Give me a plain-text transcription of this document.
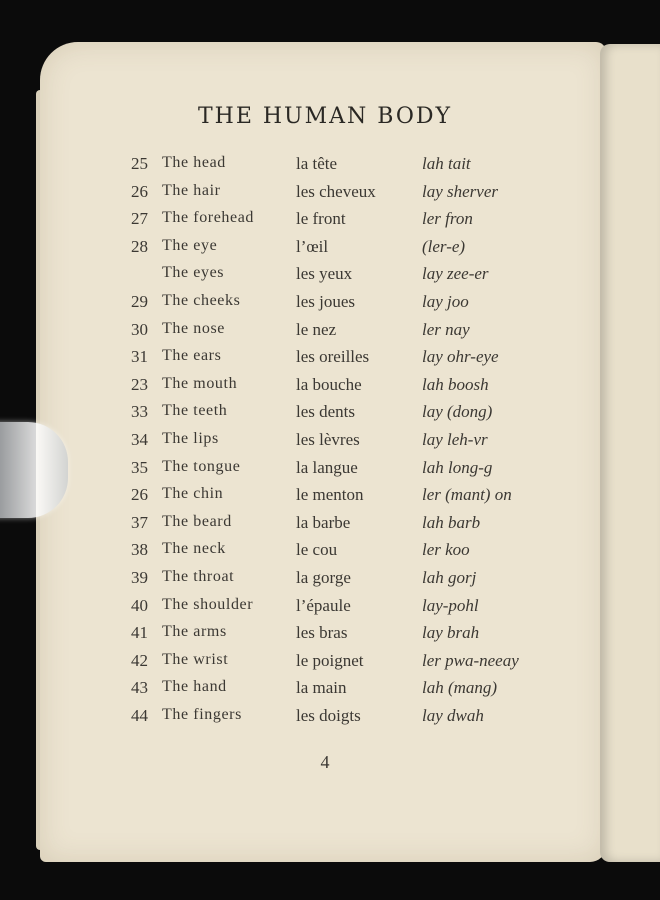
THE HUMAN BODY
25 The head	la tête	lah tait
26 The hair	les cheveux	lay sherver
27 The forehead le front	ler fron
28 The eye	l’œil	(ler-e)
The eyes	les yeux	lay zee-er
29 The cheeks	les joues	lay joo
30 The nose	le nez	ler nay
31 The ears	les oreilles	lay ohr-eye
23 The mouth	la bouche	lah boosh
33 The teeth	les dents	lay (dong)
34 The lips	les lèvres	lay leh-vr
35 The tongue	la langue	lah long-g
26 The chin	le menton	ler (mant) on
37 The beard	la barbe	lah barb
38 The neck	le cou	ler koo
39 The throat	la gorge	lah gorj
40 The shoulder	l’épaule	lay-pohl
41 The arms	les bras	lay brah
42 The wrist	le poignet	ler pwa-neeay
43 The hand	la main	lah (mang)
44 The fingers	les doigts	lay dwah
4
